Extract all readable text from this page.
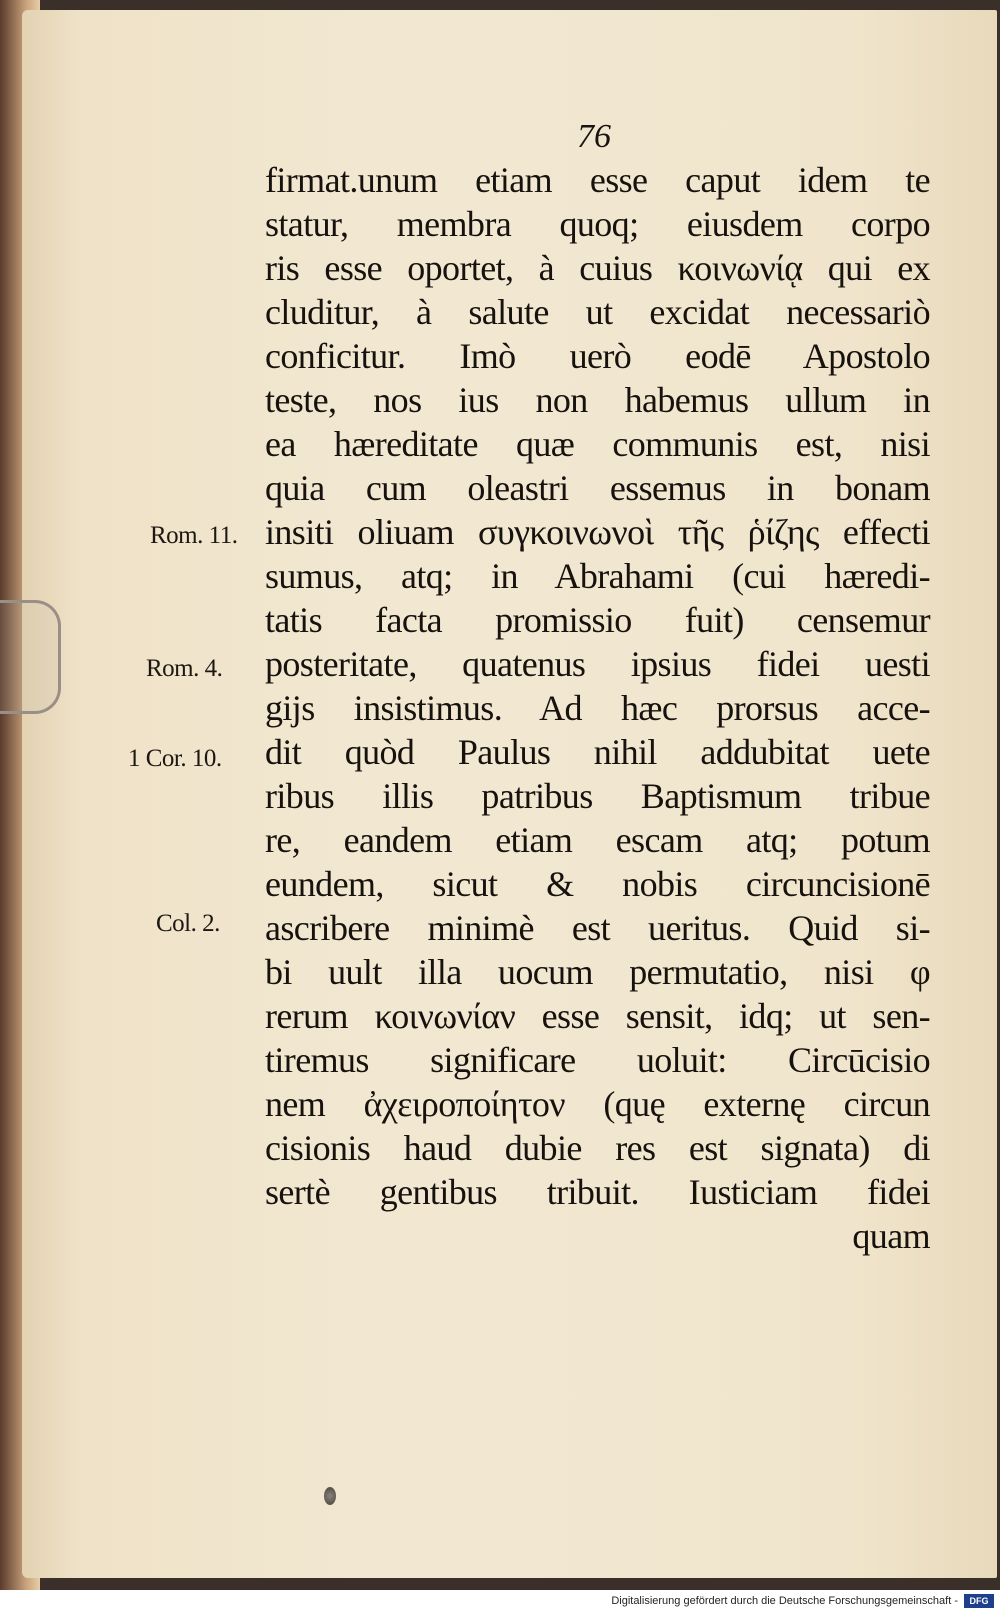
76
firmat.unum etiam esse caput idem te
statur, membra quoq; eiusdem corpo
ris esse oportet, à cuius κοινωνίᾳ qui ex
cluditur, à salute ut excidat necessariò
conficitur. Imò uerò eodē Apostolo
teste, nos ius non habemus ullum in
ea hæreditate quæ communis est, nisi
quia cum oleastri essemus in bonam
insiti oliuam συγκοινωνοὶ τῆς ῥίζης effecti
sumus, atq; in Abrahami (cui hæredi-
tatis facta promissio fuit) censemur
posteritate, quatenus ipsius fidei uesti
gijs insistimus. Ad hæc prorsus acce-
dit quòd Paulus nihil addubitat uete
ribus illis patribus Baptismum tribue
re, eandem etiam escam atq; potum
eundem, sicut & nobis circuncisionē
ascribere minimè est ueritus. Quid si-
bi uult illa uocum permutatio, nisi φ
rerum κοινωνίαν esse sensit, idq; ut sen-
tiremus significare uoluit: Circūcisio
nem ἀχειροποίητον (quę externę circun
cisionis haud dubie res est signata) di
sertè gentibus tribuit. Iusticiam fidei
quam
Rom. 11.
Rom. 4.
1 Cor. 10.
Col. 2.
Digitalisierung gefördert durch die Deutsche Forschungsgemeinschaft -	DFG
